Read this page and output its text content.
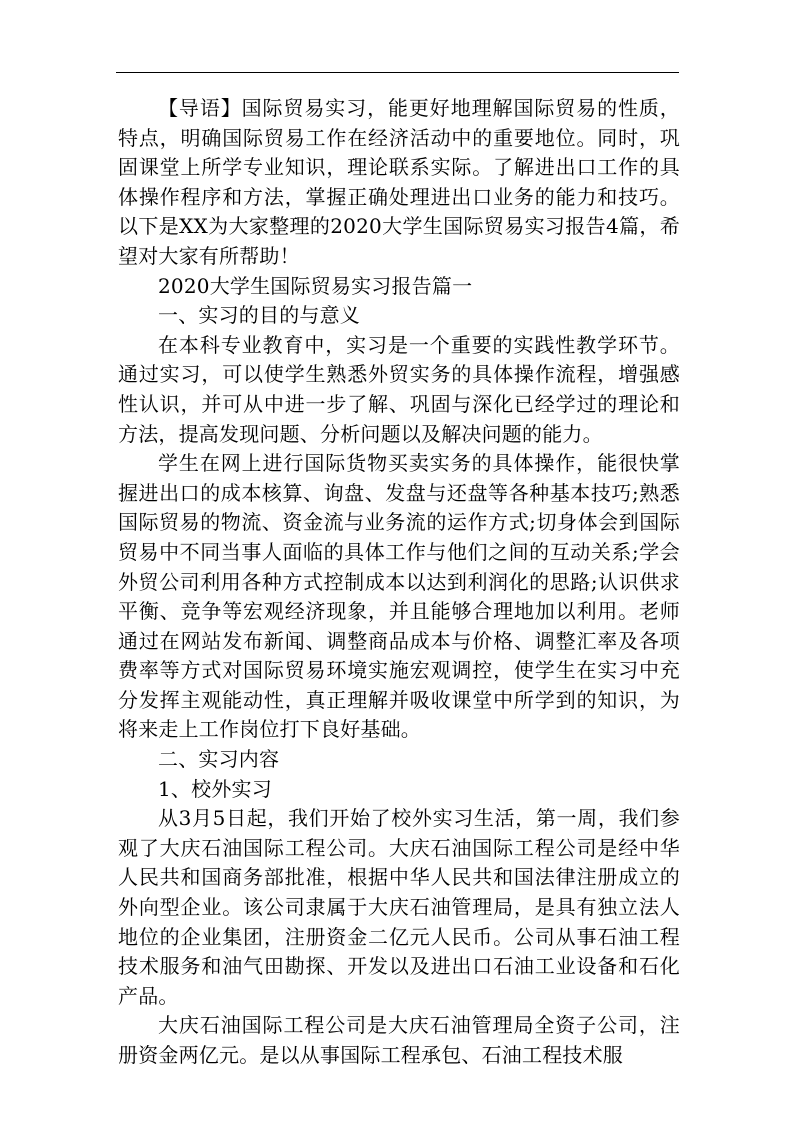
【导语】国际贸易实习，能更好地理解国际贸易的性质，特点，明确国际贸易工作在经济活动中的重要地位。同时，巩固课堂上所学专业知识，理论联系实际。了解进出口工作的具体操作程序和方法，掌握正确处理进出口业务的能力和技巧。以下是XX为大家整理的2020大学生国际贸易实习报告4篇，希望对大家有所帮助！

2020大学生国际贸易实习报告篇一

一、实习的目的与意义

在本科专业教育中，实习是一个重要的实践性教学环节。通过实习，可以使学生熟悉外贸实务的具体操作流程，增强感性认识，并可从中进一步了解、巩固与深化已经学过的理论和方法，提高发现问题、分析问题以及解决问题的能力。

学生在网上进行国际货物买卖实务的具体操作，能很快掌握进出口的成本核算、询盘、发盘与还盘等各种基本技巧;熟悉国际贸易的物流、资金流与业务流的运作方式;切身体会到国际贸易中不同当事人面临的具体工作与他们之间的互动关系;学会外贸公司利用各种方式控制成本以达到利润化的思路;认识供求平衡、竞争等宏观经济现象，并且能够合理地加以利用。老师通过在网站发布新闻、调整商品成本与价格、调整汇率及各项费率等方式对国际贸易环境实施宏观调控，使学生在实习中充分发挥主观能动性，真正理解并吸收课堂中所学到的知识，为将来走上工作岗位打下良好基础。

二、实习内容

1、校外实习

从3月5日起，我们开始了校外实习生活，第一周，我们参观了大庆石油国际工程公司。大庆石油国际工程公司是经中华人民共和国商务部批准，根据中华人民共和国法律注册成立的外向型企业。该公司隶属于大庆石油管理局，是具有独立法人地位的企业集团，注册资金二亿元人民币。公司从事石油工程技术服务和油气田勘探、开发以及进出口石油工业设备和石化产品。

大庆石油国际工程公司是大庆石油管理局全资子公司，注册资金两亿元。是以从事国际工程承包、石油工程技术服
